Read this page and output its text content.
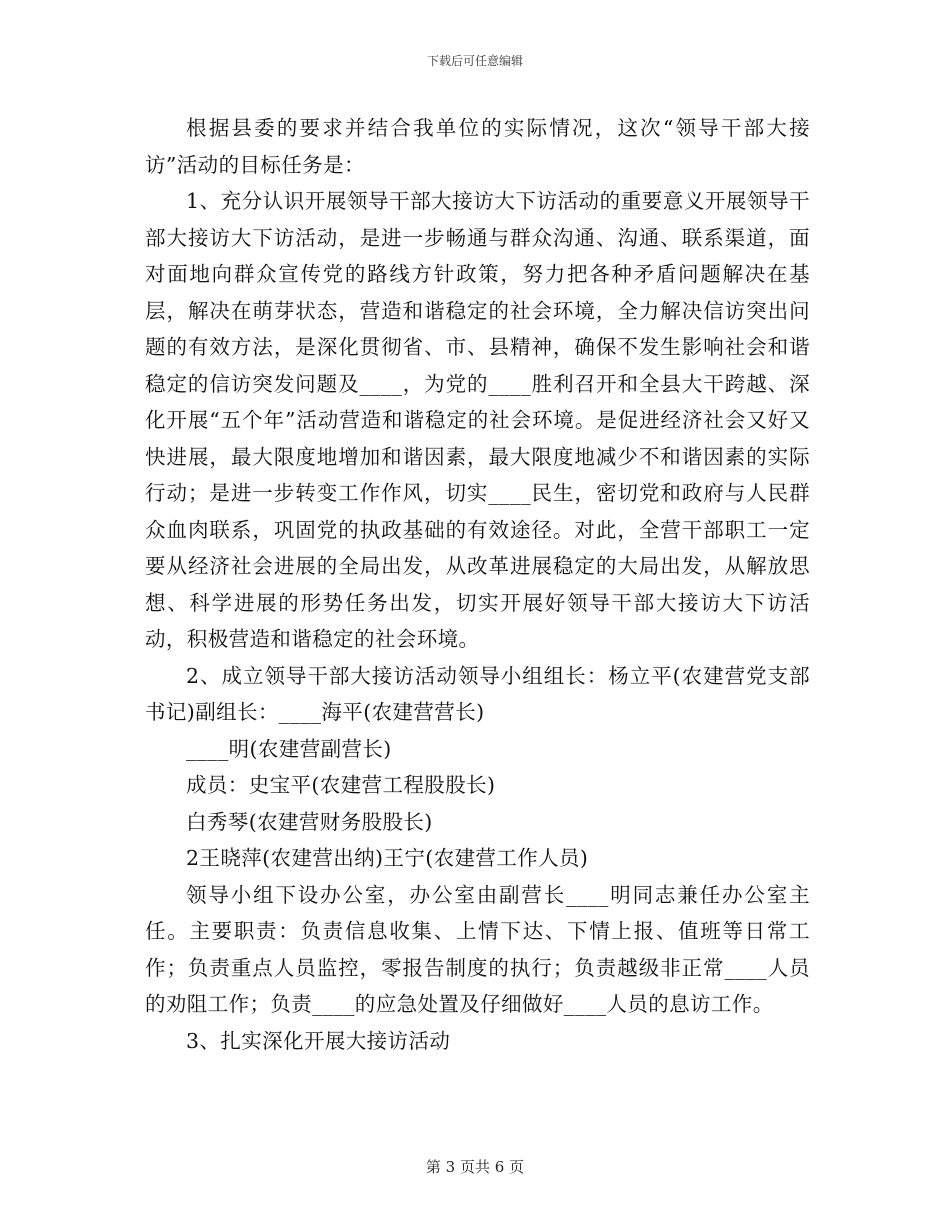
下载后可任意编辑

根据县委的要求并结合我单位的实际情况，这次“领导干部大接访”活动的目标任务是：

1、充分认识开展领导干部大接访大下访活动的重要意义开展领导干部大接访大下访活动，是进一步畅通与群众沟通、沟通、联系渠道，面对面地向群众宣传党的路线方针政策，努力把各种矛盾问题解决在基层，解决在萌芽状态，营造和谐稳定的社会环境，全力解决信访突出问题的有效方法，是深化贯彻省、市、县精神，确保不发生影响社会和谐稳定的信访突发问题及____，为党的____胜利召开和全县大干跨越、深化开展“五个年”活动营造和谐稳定的社会环境。是促进经济社会又好又快进展，最大限度地增加和谐因素，最大限度地减少不和谐因素的实际行动；是进一步转变工作作风，切实____民生，密切党和政府与人民群众血肉联系，巩固党的执政基础的有效途径。对此，全营干部职工一定要从经济社会进展的全局出发，从改革进展稳定的大局出发，从解放思想、科学进展的形势任务出发，切实开展好领导干部大接访大下访活动，积极营造和谐稳定的社会环境。

2、成立领导干部大接访活动领导小组组长：杨立平(农建营党支部书记)副组长：____海平(农建营营长)

____明(农建营副营长)

成员：史宝平(农建营工程股股长)

白秀琴(农建营财务股股长)

2王晓萍(农建营出纳)王宁(农建营工作人员)

领导小组下设办公室，办公室由副营长____明同志兼任办公室主任。主要职责：负责信息收集、上情下达、下情上报、值班等日常工作；负责重点人员监控，零报告制度的执行；负责越级非正常____人员的劝阻工作；负责____的应急处置及仔细做好____人员的息访工作。

3、扎实深化开展大接访活动

第 3 页共 6 页
